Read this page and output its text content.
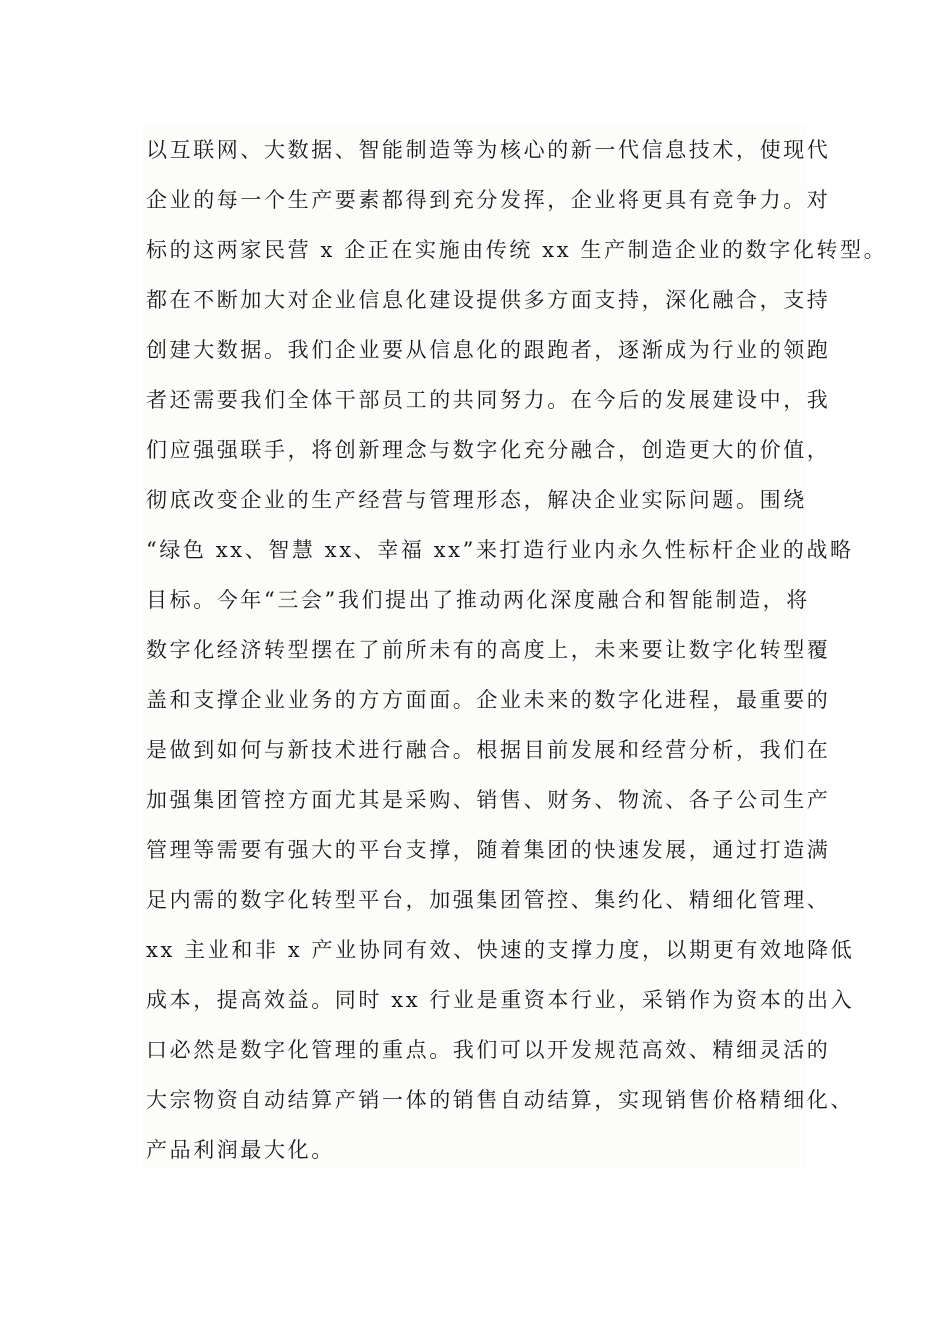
以互联网、大数据、智能制造等为核心的新一代信息技术，使现代
企业的每一个生产要素都得到充分发挥，企业将更具有竞争力。对
标的这两家民营 x 企正在实施由传统 xx 生产制造企业的数字化转型。
都在不断加大对企业信息化建设提供多方面支持，深化融合，支持
创建大数据。我们企业要从信息化的跟跑者，逐渐成为行业的领跑
者还需要我们全体干部员工的共同努力。在今后的发展建设中，我
们应强强联手，将创新理念与数字化充分融合，创造更大的价值，
彻底改变企业的生产经营与管理形态，解决企业实际问题。围绕
“绿色 xx、智慧 xx、幸福 xx”来打造行业内永久性标杆企业的战略
目标。今年“三会”我们提出了推动两化深度融合和智能制造，将
数字化经济转型摆在了前所未有的高度上，未来要让数字化转型覆
盖和支撑企业业务的方方面面。企业未来的数字化进程，最重要的
是做到如何与新技术进行融合。根据目前发展和经营分析，我们在
加强集团管控方面尤其是采购、销售、财务、物流、各子公司生产
管理等需要有强大的平台支撑，随着集团的快速发展，通过打造满
足内需的数字化转型平台，加强集团管控、集约化、精细化管理、
xx 主业和非 x 产业协同有效、快速的支撑力度，以期更有效地降低
成本，提高效益。同时 xx 行业是重资本行业，采销作为资本的出入
口必然是数字化管理的重点。我们可以开发规范高效、精细灵活的
大宗物资自动结算产销一体的销售自动结算，实现销售价格精细化、
产品利润最大化。
